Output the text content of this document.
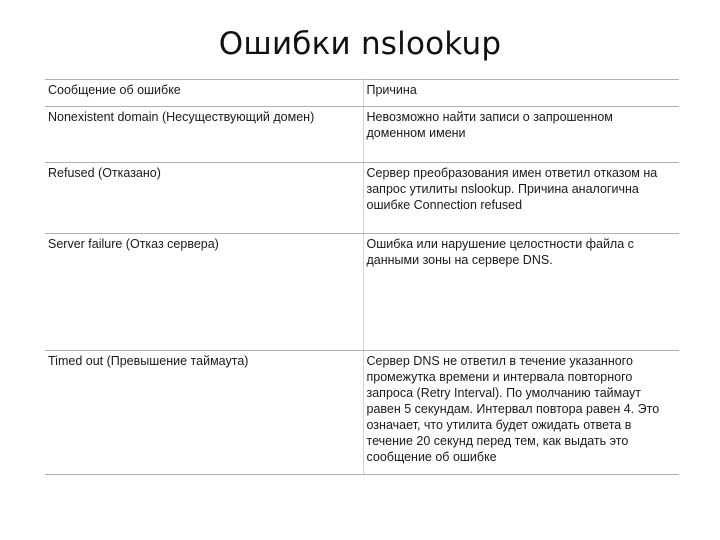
Ошибки nslookup
Сообщение об ошибке	Причина
Nonexistent domain (Несуществующий домен)	Невозможно найти записи о запрошенном доменном имени
Refused (Отказано)	Сервер преобразования имен ответил отказом на запрос утилиты nslookup. Причина аналогична ошибке Connection refused
Server failure (Отказ сервера)	Ошибка или нарушение целостности файла с данными зоны на сервере DNS.
Timed out (Превышение таймаута)	Сервер DNS не ответил в течение указанного промежутка времени и интервала повторного запроса (Retry Interval). По умолчанию таймаут равен 5 секундам. Интервал повтора равен 4. Это означает, что утилита будет ожидать ответа в течение 20 секунд перед тем, как выдать это сообщение об ошибке
